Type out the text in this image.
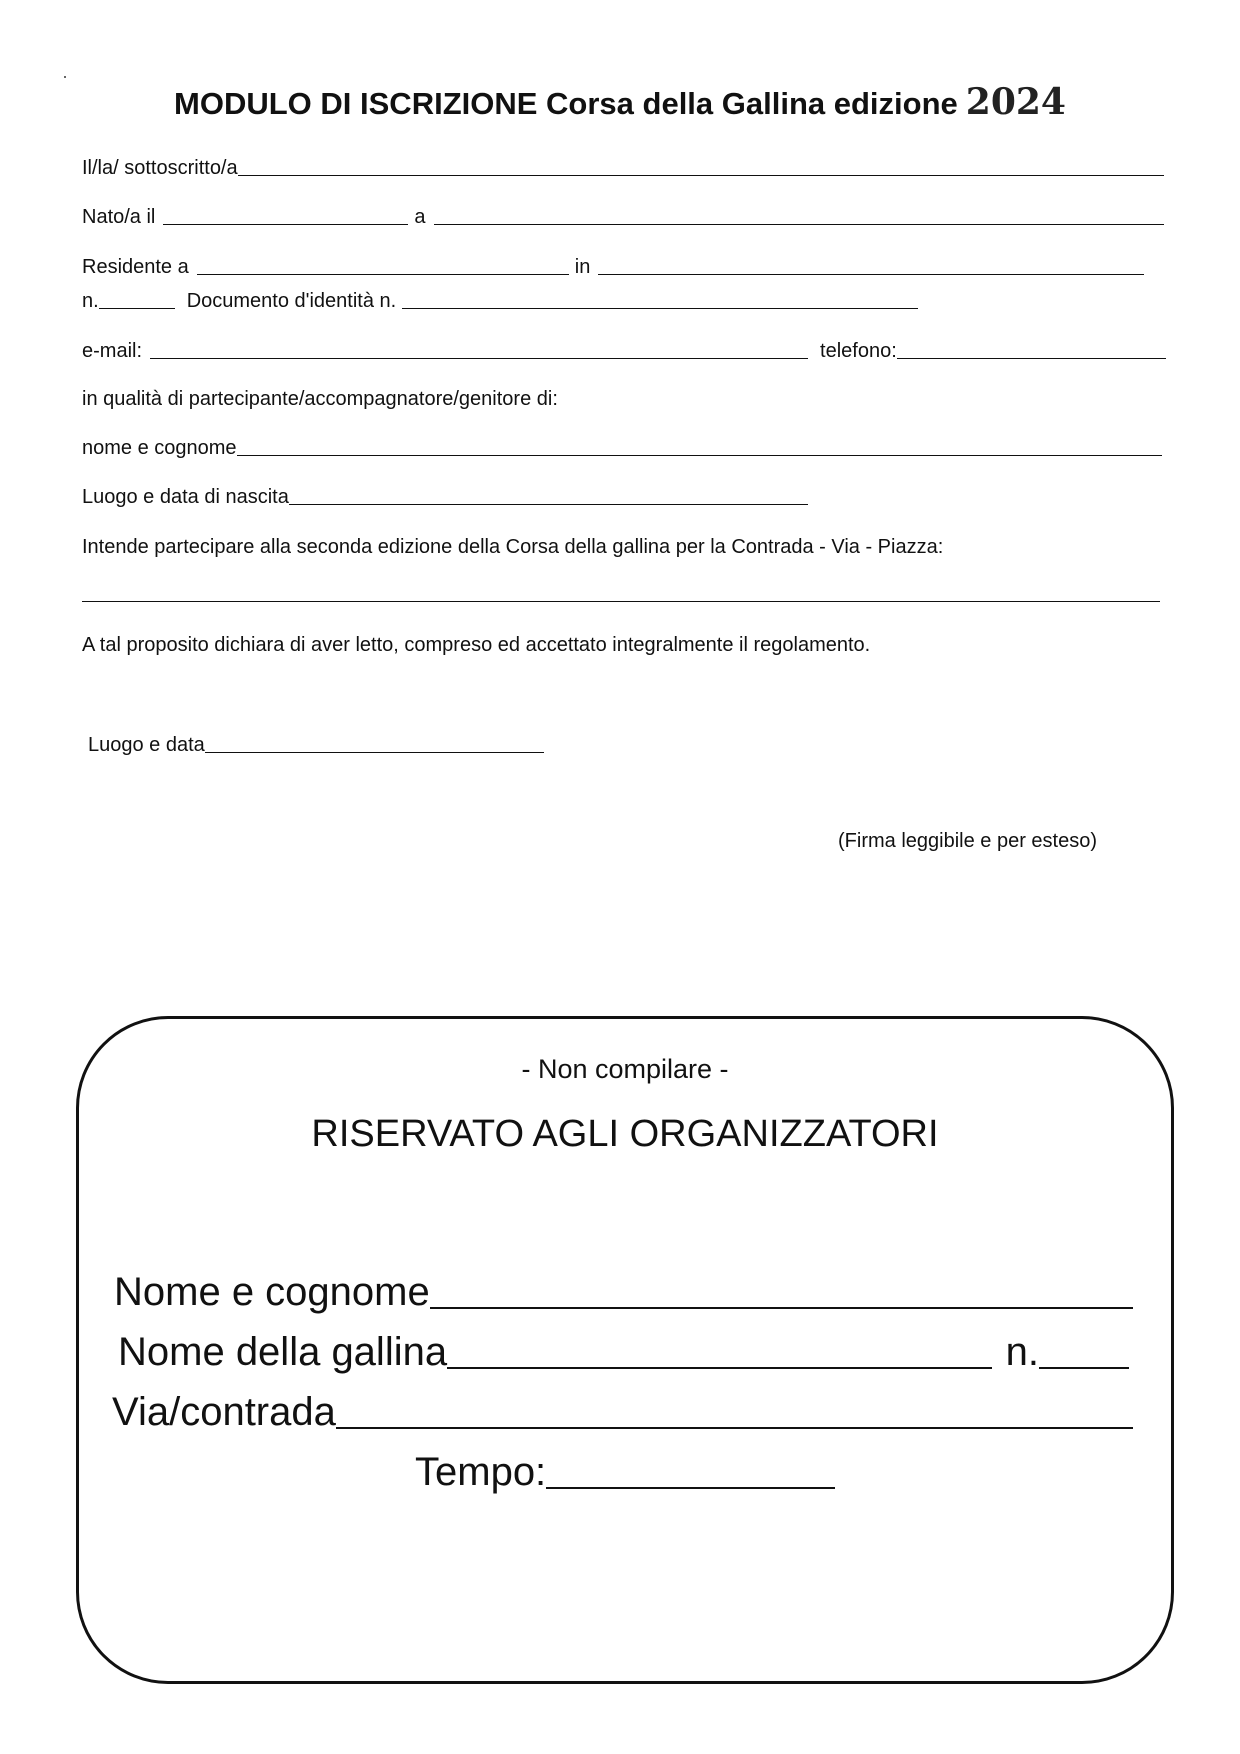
MODULO DI ISCRIZIONE Corsa della Gallina edizione 2024
Il/la/ sottoscritto/a
Nato/a il	a
Residente a	in
n.	Documento d'identità n.
e-mail:	telefono:
in qualità di partecipante/accompagnatore/genitore di:
nome e cognome
Luogo e data di nascita
Intende partecipare alla seconda edizione della Corsa della gallina per la Contrada - Via - Piazza:
A tal proposito dichiara di aver letto, compreso ed accettato integralmente il regolamento.
Luogo e data
(Firma leggibile e per esteso)
- Non compilare -
RISERVATO AGLI ORGANIZZATORI
Nome e cognome
Nome della gallina	n.
Via/contrada
Tempo:
